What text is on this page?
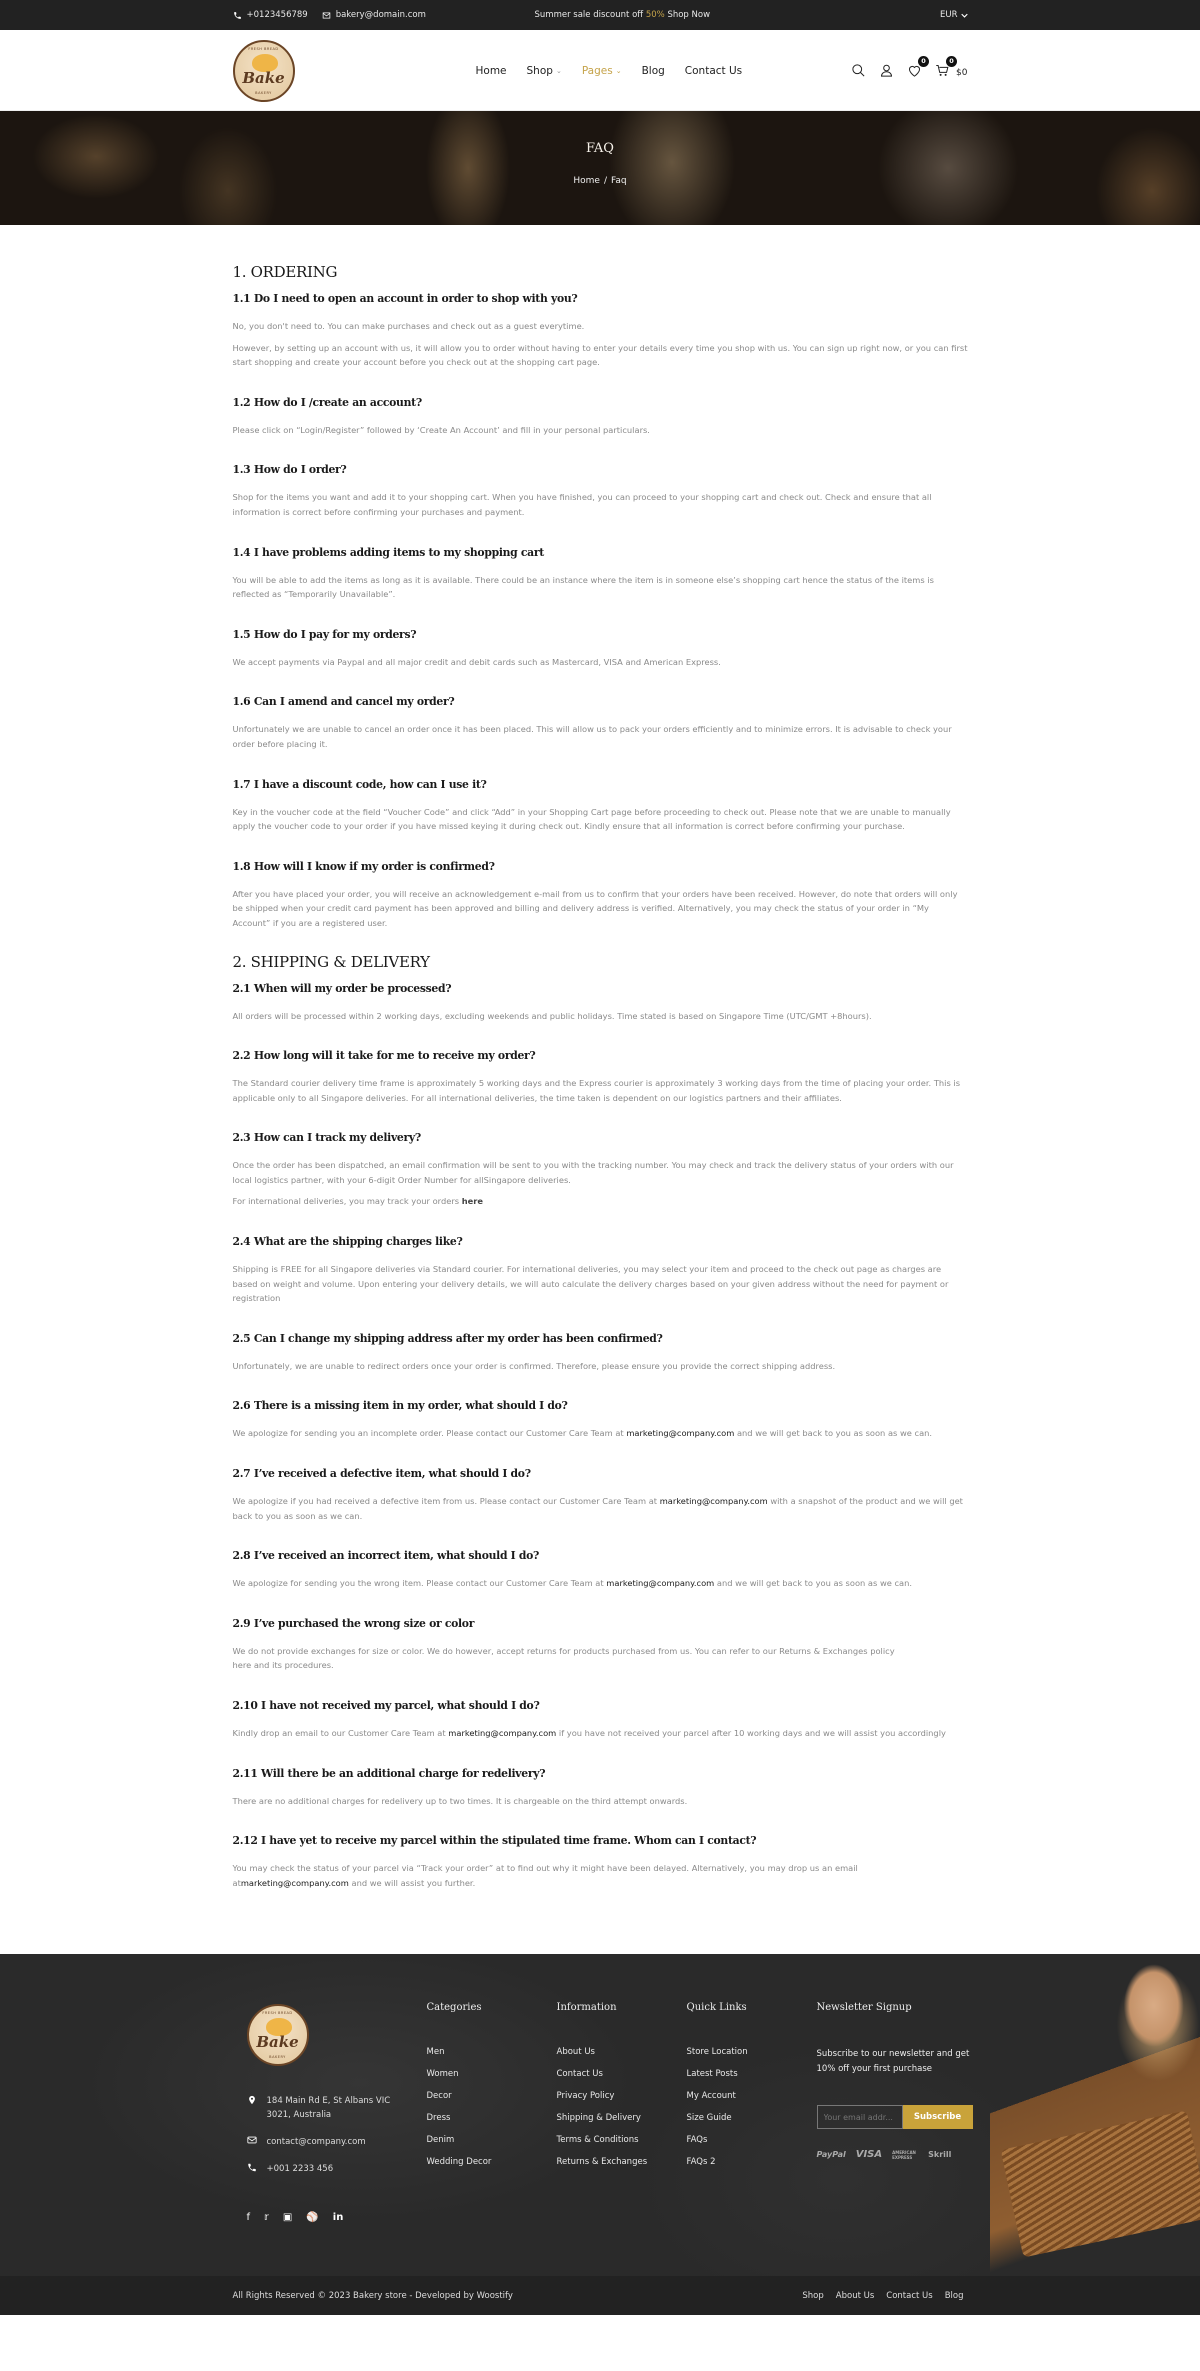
+0123456789	bakery@domain.com	Summer sale discount off 50% Shop Now	EUR
FRESH BREAD
Bake
BAKERY
Home Shop ⌄ Pages ⌄ Blog Contact Us
0	0
$0
FAQ
Home / Faq
1. ORDERING
1.1 Do I need to open an account in order to shop with you?

No, you don't need to. You can make purchases and check out as a guest everytime.

However, by setting up an account with us, it will allow you to order without having to enter your details every time you shop with us. You can sign up right now, or you can first start shopping and create your account before you check out at the shopping cart page.

1.2 How do I /create an account?

Please click on “Login/Register” followed by ‘Create An Account’ and fill in your personal particulars.

1.3 How do I order?

Shop for the items you want and add it to your shopping cart. When you have finished, you can proceed to your shopping cart and check out. Check and ensure that all information is correct before confirming your purchases and payment.

1.4 I have problems adding items to my shopping cart

You will be able to add the items as long as it is available. There could be an instance where the item is in someone else’s shopping cart hence the status of the items is reflected as “Temporarily Unavailable”.

1.5 How do I pay for my orders?

We accept payments via Paypal and all major credit and debit cards such as Mastercard, VISA and American Express.

1.6 Can I amend and cancel my order?

Unfortunately we are unable to cancel an order once it has been placed. This will allow us to pack your orders efficiently and to minimize errors. It is advisable to check your order before placing it.

1.7 I have a discount code, how can I use it?

Key in the voucher code at the field “Voucher Code” and click “Add” in your Shopping Cart page before proceeding to check out. Please note that we are unable to manually apply the voucher code to your order if you have missed keying it during check out. Kindly ensure that all information is correct before confirming your purchase.

1.8 How will I know if my order is confirmed?

After you have placed your order, you will receive an acknowledgement e-mail from us to confirm that your orders have been received. However, do note that orders will only be shipped when your credit card payment has been approved and billing and delivery address is verified. Alternatively, you may check the status of your order in “My Account” if you are a registered user.

2. SHIPPING & DELIVERY
2.1 When will my order be processed?

All orders will be processed within 2 working days, excluding weekends and public holidays. Time stated is based on Singapore Time (UTC/GMT +8hours).

2.2 How long will it take for me to receive my order?

The Standard courier delivery time frame is approximately 5 working days and the Express courier is approximately 3 working days from the time of placing your order. This is applicable only to all Singapore deliveries. For all international deliveries, the time taken is dependent on our logistics partners and their affiliates.

2.3 How can I track my delivery?

Once the order has been dispatched, an email confirmation will be sent to you with the tracking number. You may check and track the delivery status of your orders with our local logistics partner, with your 6-digit Order Number for allSingapore deliveries.

For international deliveries, you may track your orders here

2.4 What are the shipping charges like?

Shipping is FREE for all Singapore deliveries via Standard courier. For international deliveries, you may select your item and proceed to the check out page as charges are based on weight and volume. Upon entering your delivery details, we will auto calculate the delivery charges based on your given address without the need for payment or registration

2.5 Can I change my shipping address after my order has been confirmed?

Unfortunately, we are unable to redirect orders once your order is confirmed. Therefore, please ensure you provide the correct shipping address.

2.6 There is a missing item in my order, what should I do?

We apologize for sending you an incomplete order. Please contact our Customer Care Team at marketing@company.com and we will get back to you as soon as we can.

2.7 I’ve received a defective item, what should I do?

We apologize if you had received a defective item from us. Please contact our Customer Care Team at marketing@company.com with a snapshot of the product and we will get back to you as soon as we can.

2.8 I’ve received an incorrect item, what should I do?

We apologize for sending you the wrong item. Please contact our Customer Care Team at marketing@company.com and we will get back to you as soon as we can.

2.9 I’ve purchased the wrong size or color

We do not provide exchanges for size or color. We do however, accept returns for products purchased from us. You can refer to our Returns & Exchanges policy here and its procedures.

2.10 I have not received my parcel, what should I do?

Kindly drop an email to our Customer Care Team at marketing@company.com if you have not received your parcel after 10 working days and we will assist you accordingly

2.11 Will there be an additional charge for redelivery?

There are no additional charges for redelivery up to two times. It is chargeable on the third attempt onwards.

2.12 I have yet to receive my parcel within the stipulated time frame. Whom can I contact?

You may check the status of your parcel via “Track your order” at to find out why it might have been delayed. Alternatively, you may drop us an email atmarketing@company.com and we will assist you further.

FRESH BREAD
Bake
BAKERY
184 Main Rd E, St Albans VIC 3021, Australia
contact@company.com
+001 2233 456
f 𝕣 ▣ ⚾ in
Categories
Men
Women
Decor
Dress
Denim
Wedding Decor
Information
About Us
Contact Us
Privacy Policy
Shipping & Delivery
Terms & Conditions
Returns & Exchanges
Quick Links
Store Location
Latest Posts
My Account
Size Guide
FAQs
FAQs 2
Newsletter Signup

Subscribe to our newsletter and get 10% off your first purchase

Your email addr...
Subscribe
PayPal VISA	AMERICAN EXPRESS	Skrill
All Rights Reserved © 2023 Bakery store - Developed by Woostify	Shop About Us Contact Us Blog
